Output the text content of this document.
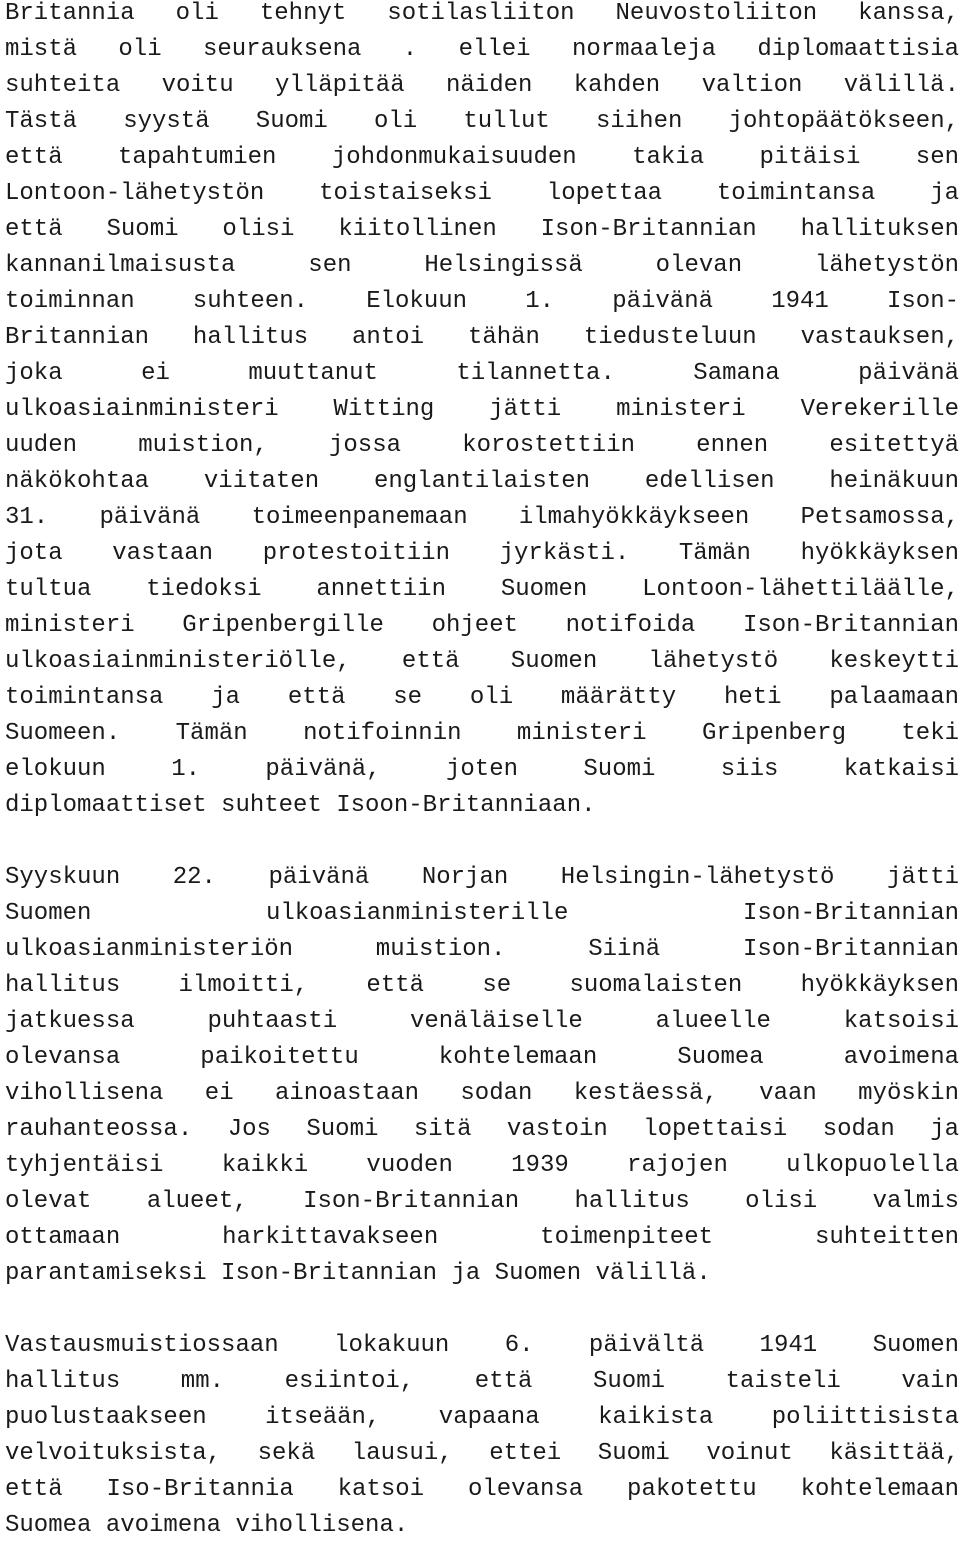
Britannia oli tehnyt sotilasliiton Neuvostoliiton kanssa,
mistä oli seurauksena . ellei normaaleja diplomaattisia
suhteita voitu ylläpitää näiden kahden valtion välillä.
Tästä syystä Suomi oli tullut siihen johtopäätökseen,
että tapahtumien johdonmukaisuuden takia pitäisi sen
Lontoon-lähetystön toistaiseksi lopettaa toimintansa ja
että Suomi olisi kiitollinen Ison-Britannian hallituksen
kannanilmaisusta sen Helsingissä olevan lähetystön
toiminnan suhteen. Elokuun 1. päivänä 1941 Ison-
Britannian hallitus antoi tähän tiedusteluun vastauksen,
joka ei muuttanut tilannetta. Samana päivänä
ulkoasiainministeri Witting jätti ministeri Verekerille
uuden muistion, jossa korostettiin ennen esitettyä
näkökohtaa viitaten englantilaisten edellisen heinäkuun
31. päivänä toimeenpanemaan ilmahyökkäykseen Petsamossa,
jota vastaan protestoitiin jyrkästi. Tämän hyökkäyksen
tultua tiedoksi annettiin Suomen Lontoon-lähettiläälle,
ministeri Gripenbergille ohjeet notifoida Ison-Britannian
ulkoasiainministeriölle, että Suomen lähetystö keskeytti
toimintansa ja että se oli määrätty heti palaamaan
Suomeen. Tämän notifoinnin ministeri Gripenberg teki
elokuun 1. päivänä, joten Suomi siis katkaisi
diplomaattiset suhteet Isoon-Britanniaan.
Syyskuun 22. päivänä Norjan Helsingin-lähetystö jätti
Suomen ulkoasianministerille Ison-Britannian
ulkoasianministeriön muistion. Siinä Ison-Britannian
hallitus ilmoitti, että se suomalaisten hyökkäyksen
jatkuessa puhtaasti venäläiselle alueelle katsoisi
olevansa paikoitettu kohtelemaan Suomea avoimena
vihollisena ei ainoastaan sodan kestäessä, vaan myöskin
rauhanteossa. Jos Suomi sitä vastoin lopettaisi sodan ja
tyhjentäisi kaikki vuoden 1939 rajojen ulkopuolella
olevat alueet, Ison-Britannian hallitus olisi valmis
ottamaan harkittavakseen toimenpiteet suhteitten
parantamiseksi Ison-Britannian ja Suomen välillä.
Vastausmuistiossaan lokakuun 6. päivältä 1941 Suomen
hallitus mm. esiintoi, että Suomi taisteli vain
puolustaakseen itseään, vapaana kaikista poliittisista
velvoituksista, sekä lausui, ettei Suomi voinut käsittää,
että Iso-Britannia katsoi olevansa pakotettu kohtelemaan
Suomea avoimena vihollisena.
